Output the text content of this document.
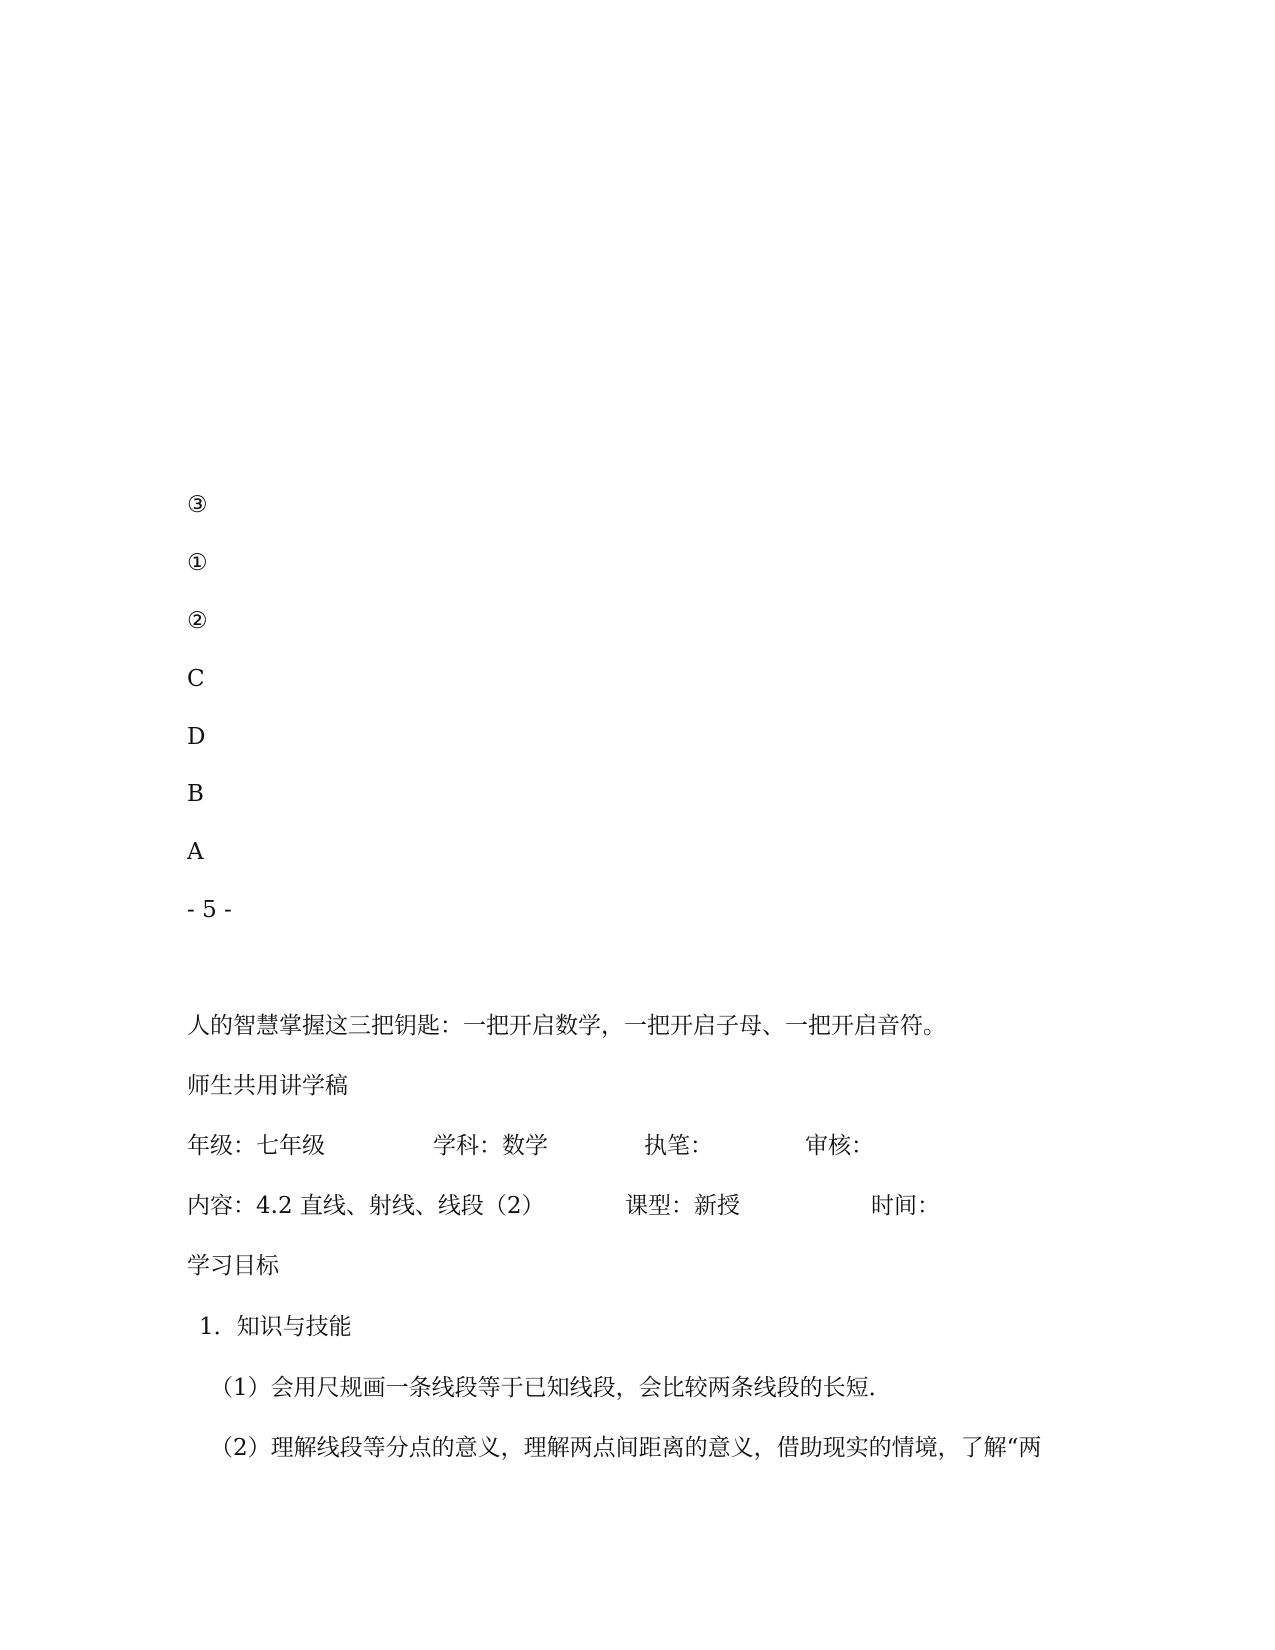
③

①

②

C

D

B

A

- 5 -

人的智慧掌握这三把钥匙：一把开启数学，一把开启子母、一把开启音符。

师生共用讲学稿

年级：七年级	学科：数学	执笔：	审核：
内容：4.2 直线、射线、线段（2）	课型：新授	时间：

学习目标

1．知识与技能

（1）会用尺规画一条线段等于已知线段，会比较两条线段的长短．

（2）理解线段等分点的意义，理解两点间距离的意义，借助现实的情境，了解“两
